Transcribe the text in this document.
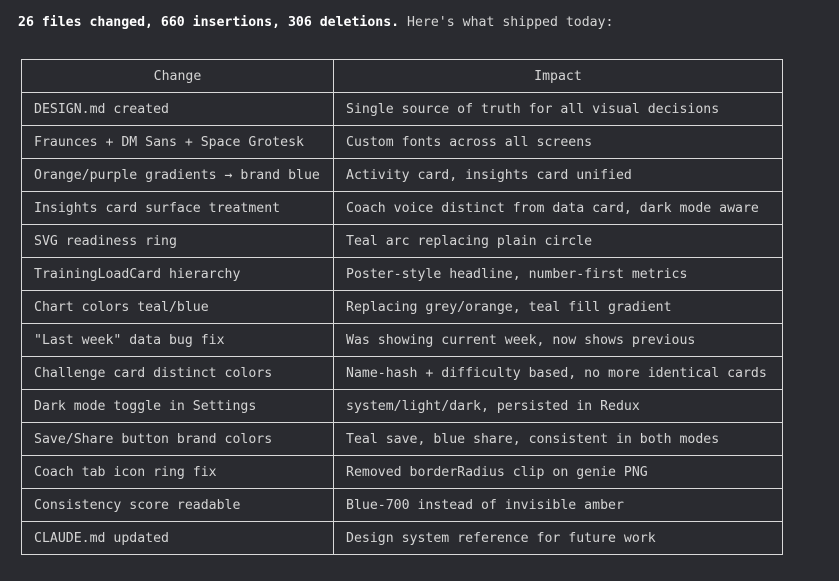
26 files changed, 660 insertions, 306 deletions. Here's what shipped today:
Change	Impact
DESIGN.md created	Single source of truth for all visual decisions
Fraunces + DM Sans + Space Grotesk	Custom fonts across all screens
Orange/purple gradients → brand blue	Activity card, insights card unified
Insights card surface treatment	Coach voice distinct from data card, dark mode aware
SVG readiness ring	Teal arc replacing plain circle
TrainingLoadCard hierarchy	Poster-style headline, number-first metrics
Chart colors teal/blue	Replacing grey/orange, teal fill gradient
"Last week" data bug fix	Was showing current week, now shows previous
Challenge card distinct colors	Name-hash + difficulty based, no more identical cards
Dark mode toggle in Settings	system/light/dark, persisted in Redux
Save/Share button brand colors	Teal save, blue share, consistent in both modes
Coach tab icon ring fix	Removed borderRadius clip on genie PNG
Consistency score readable	Blue-700 instead of invisible amber
CLAUDE.md updated	Design system reference for future work
